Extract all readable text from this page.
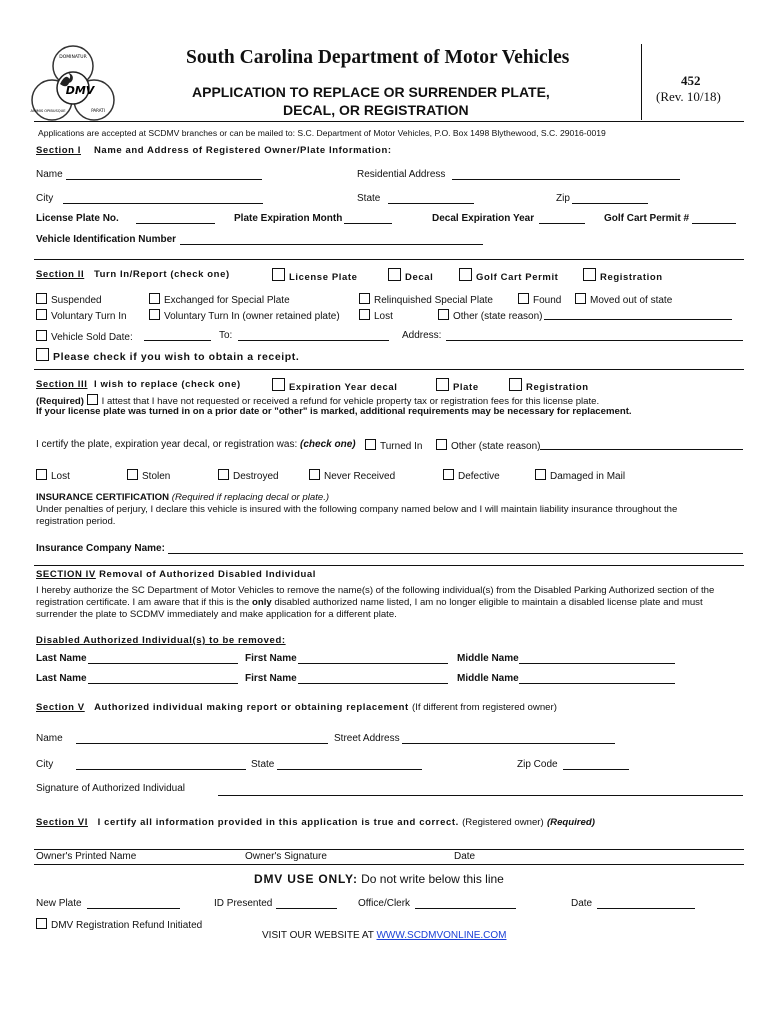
DOMINATUR
ANIMIS OPIBUSQUE	PARATI
DMV
South Carolina Department of Motor Vehicles
APPLICATION TO REPLACE OR SURRENDER PLATE,
DECAL, OR REGISTRATION
452
(Rev. 10/18)
Applications are accepted at SCDMV branches or can be mailed to: S.C. Department of Motor Vehicles, P.O. Box 1498 Blythewood, S.C. 29016-0019
Section I Name and Address of Registered Owner/Plate Information:
Name	Residential Address
City	State	Zip
License Plate No.	Plate Expiration Month	Decal Expiration Year	Golf Cart Permit #
Vehicle Identification Number
Section II Turn In/Report (check one)	License Plate	Decal	Golf Cart Permit	Registration
Suspended	Exchanged for Special Plate	Relinquished Special Plate	Found	Moved out of state
Voluntary Turn In	Voluntary Turn In (owner retained plate)	Lost	Other (state reason)
Vehicle Sold Date:	To:	Address:
Please check if you wish to obtain a receipt.
Section III I wish to replace (check one)	Expiration Year decal	Plate	Registration
(Required) I attest that I have not requested or received a refund for vehicle property tax or registration fees for this license plate.
If your license plate was turned in on a prior date or "other" is marked, additional requirements may be necessary for replacement.
I certify the plate, expiration year decal, or registration was: (check one)	Turned In	Other (state reason)
Lost	Stolen	Destroyed	Never Received	Defective	Damaged in Mail
INSURANCE CERTIFICATION (Required if replacing decal or plate.)
Under penalties of perjury, I declare this vehicle is insured with the following company named below and I will maintain liability insurance throughout the registration period.
Insurance Company Name:
SECTION IV Removal of Authorized Disabled Individual
I hereby authorize the SC Department of Motor Vehicles to remove the name(s) of the following individual(s) from the Disabled Parking Authorized section of the registration certificate. I am aware that if this is the only disabled authorized name listed, I am no longer eligible to maintain a disabled license plate and must surrender the plate to SCDMV immediately and make application for a different plate.
Disabled Authorized Individual(s) to be removed:
Last Name	First Name	Middle Name
Last Name	First Name	Middle Name
Section V Authorized individual making report or obtaining replacement (If different from registered owner)
Name	Street Address
City	State	Zip Code
Signature of Authorized Individual
Section VI I certify all information provided in this application is true and correct. (Registered owner) (Required)
Owner's Printed Name	Owner's Signature	Date
DMV USE ONLY: Do not write below this line
New Plate	ID Presented	Office/Clerk	Date
DMV Registration Refund Initiated
VISIT OUR WEBSITE AT WWW.SCDMVONLINE.COM
